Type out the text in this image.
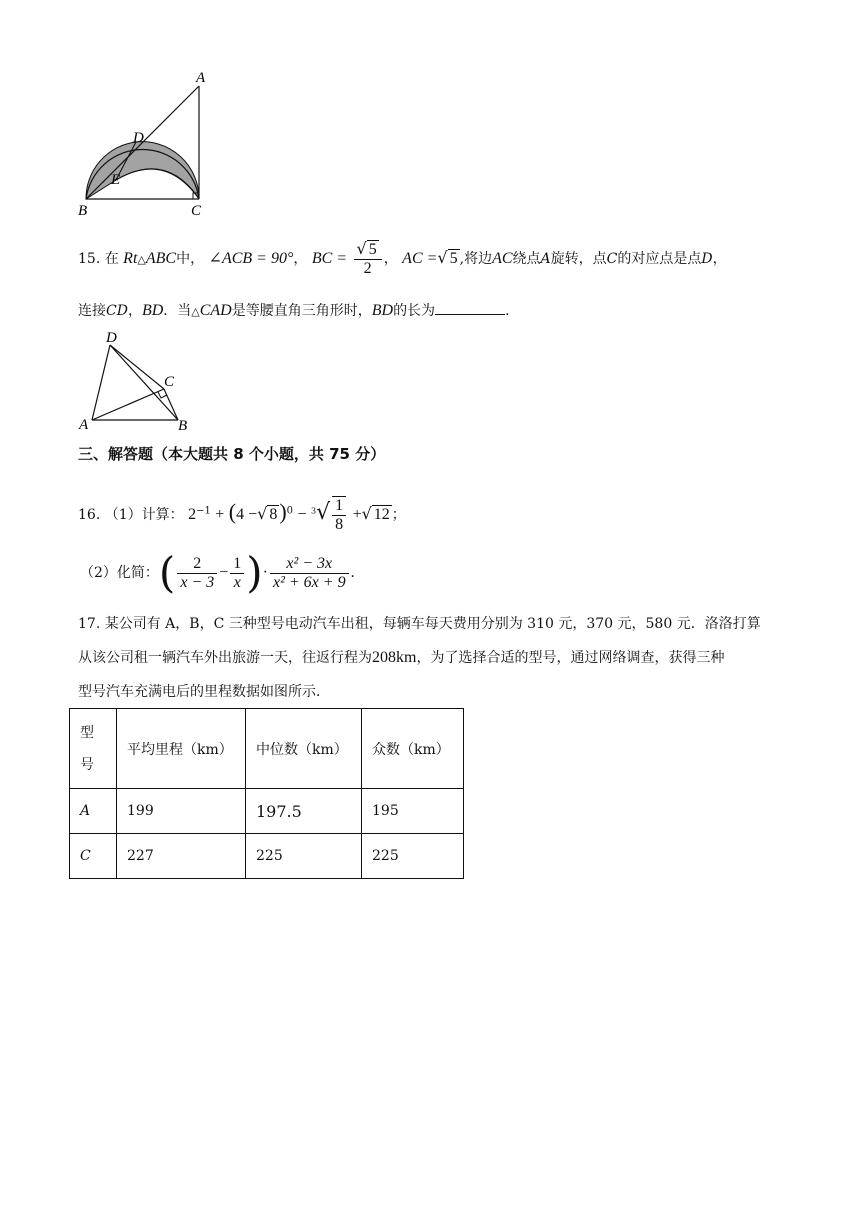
A
D
E
B	C
15. 在 Rt△ABC中， ∠ACB = 90°， BC = $\frac{√ 5}{2}$ ， AC =√ 5 ,将边AC绕点A旋转，点C的对应点是点D，
连接CD，BD．当△CAD是等腰直角三角形时，BD的长为	．
D
C
A	B
三、解答题（本大题共 8 个小题，共 75 分）
16. （1）计算： $2^{-1} + (4$ −√ $8)^0 - ^3√ \frac{1}{8}$ +√ 12 ；
（2）化简：( $\frac{2}{x - 3} - \frac{1}{x}$ )· $\frac{\text{x² − 3x}}{\text{x² + 6x + 9}}$ .
17. 某公司有 A，B，C 三种型号电动汽车出租，每辆车每天费用分别为 310 元，370 元，580 元．洛洛打算
从该公司租一辆汽车外出旅游一天，往返行程为208km，为了选择合适的型号，通过网络调查，获得三种
型号汽车充满电后的里程数据如图所示．
型
号	平均里程（km）	中位数（km）	众数（km）
A	199	197.5	195
C	227	225	225
